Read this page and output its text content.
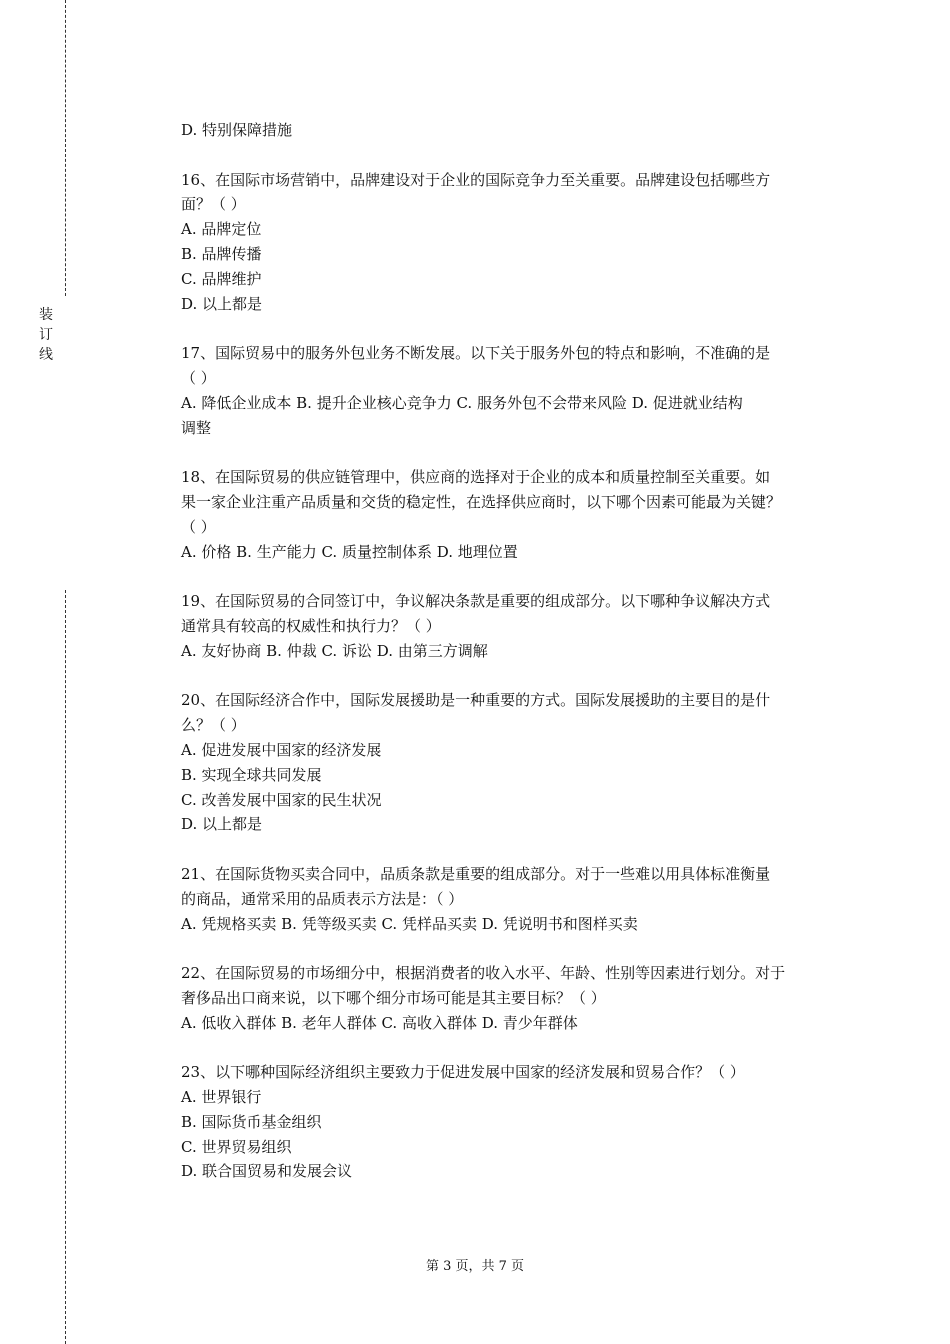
装
订
线
D. 特别保障措施
16、在国际市场营销中，品牌建设对于企业的国际竞争力至关重要。品牌建设包括哪些方
面？（ ）
A. 品牌定位
B. 品牌传播
C. 品牌维护
D. 以上都是
17、国际贸易中的服务外包业务不断发展。以下关于服务外包的特点和影响，不准确的是
（ ）
A. 降低企业成本 B. 提升企业核心竞争力 C. 服务外包不会带来风险 D. 促进就业结构
调整
18、在国际贸易的供应链管理中，供应商的选择对于企业的成本和质量控制至关重要。如
果一家企业注重产品质量和交货的稳定性，在选择供应商时，以下哪个因素可能最为关键？
（ ）
A. 价格 B. 生产能力 C. 质量控制体系 D. 地理位置
19、在国际贸易的合同签订中，争议解决条款是重要的组成部分。以下哪种争议解决方式
通常具有较高的权威性和执行力？（ ）
A. 友好协商 B. 仲裁 C. 诉讼 D. 由第三方调解
20、在国际经济合作中，国际发展援助是一种重要的方式。国际发展援助的主要目的是什
么？（ ）
A. 促进发展中国家的经济发展
B. 实现全球共同发展
C. 改善发展中国家的民生状况
D. 以上都是
21、在国际货物买卖合同中，品质条款是重要的组成部分。对于一些难以用具体标准衡量
的商品，通常采用的品质表示方法是：（ ）
A. 凭规格买卖 B. 凭等级买卖 C. 凭样品买卖 D. 凭说明书和图样买卖
22、在国际贸易的市场细分中，根据消费者的收入水平、年龄、性别等因素进行划分。对于
奢侈品出口商来说，以下哪个细分市场可能是其主要目标？（ ）
A. 低收入群体 B. 老年人群体 C. 高收入群体 D. 青少年群体
23、以下哪种国际经济组织主要致力于促进发展中国家的经济发展和贸易合作？（ ）
A. 世界银行
B. 国际货币基金组织
C. 世界贸易组织
D. 联合国贸易和发展会议
第 3 页，共 7 页
